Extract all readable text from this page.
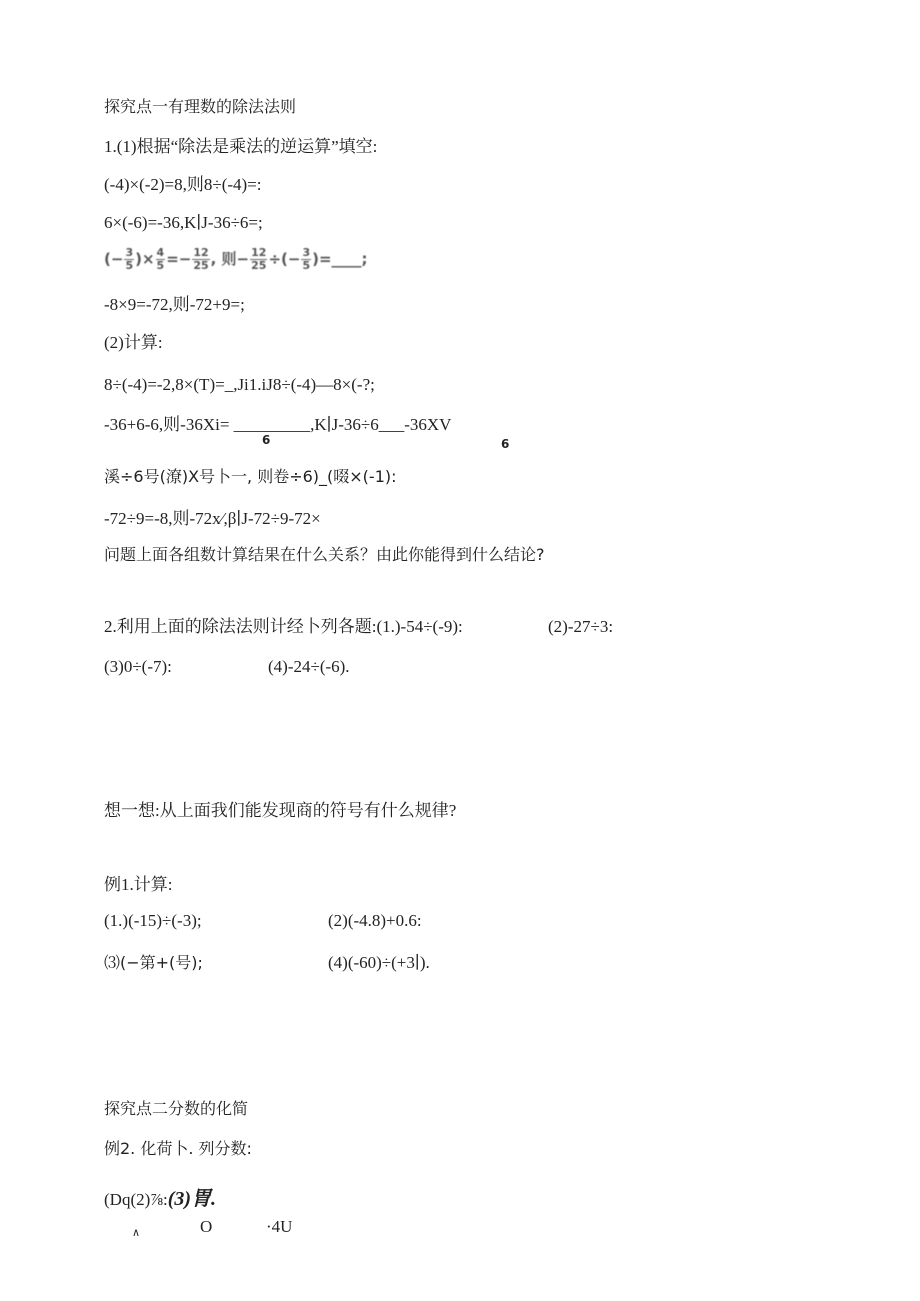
探究点一有理数的除法法则
1.(1)根据“除法是乘法的逆运算”填空:
(-4)×(-2)=8,则8÷(-4)=:
6×(-6)=-36,K∣J-36÷6=;
(− $\frac{3}{5}$ )× $\frac{4}{5} =- \frac{12}{25}$ , 则− $\frac{12}{25}$ ÷(− $\frac{3}{5}$ )=____;
-8×9=-72,则-72+9=;
(2)计算:
8÷(-4)=-2,8×(T)=_,Ji1.iJ8÷(-4)—8×(-?;
-36+6-6,则-36Xi= _________,K∣J-36÷6___-36XV
6	6
溪÷6号(潦)X号卜一, 则卷÷6)_(啜×(-1):
-72÷9=-8,则-72x⁄,β∣J-72÷9-72×
问题上面各组数计算结果在什么关系？由此你能得到什么结论?
2.利用上面的除法法则计经卜列各题:(1.)-54÷(-9):	(2)-27÷3:
(3)0÷(-7):	(4)-24÷(-6).
想一想:从上面我们能发现商的符号有什么规律?
例1.计算:
(1.)(-15)÷(-3);	(2)(-4.8)+0.6:
⑶(−第+(号);	(4)(-60)÷(+3∣).
探究点二分数的化简
例2. 化荷卜. 列分数:
(Dq(2)⅞:(3)胃.
∧	O	·4U
